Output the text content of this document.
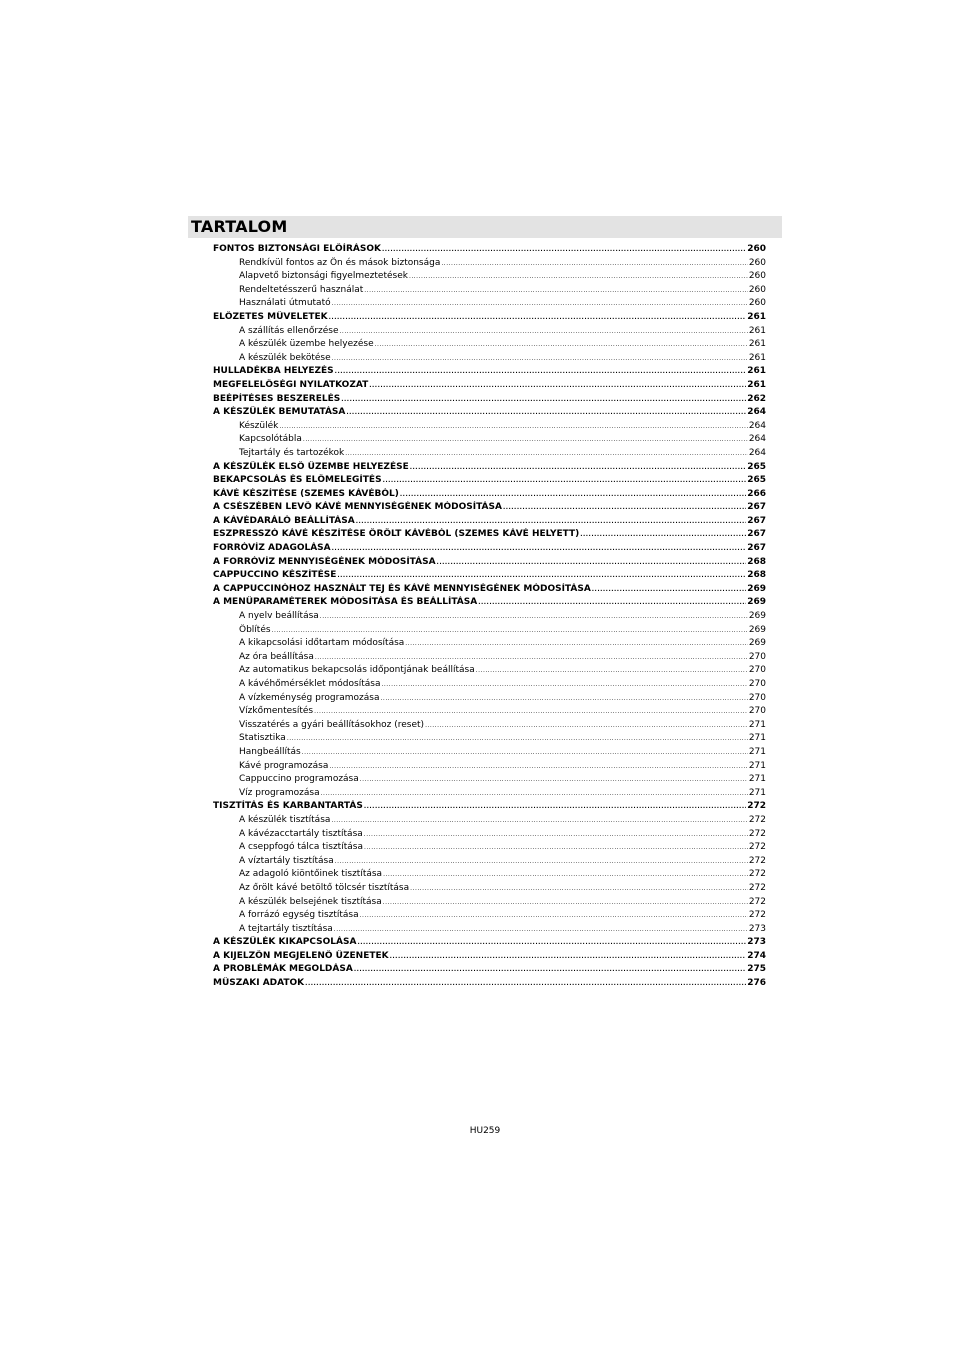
TARTALOM
FONTOS BIZTONSÁGI ELŐÍRÁSOK .....	260
Rendkívül fontos az Ön és mások biztonsága .....	260
Alapvető biztonsági figyelmeztetések .....	260
Rendeltetésszerű használat .....	260
Használati útmutató .....	260
ELŐZETES MŰVELETEK .....	261
A szállítás ellenőrzése .....	261
A készülék üzembe helyezése .....	261
A készülék bekötése .....	261
HULLADÉKBA HELYEZÉS .....	261
MEGFELELŐSÉGI NYILATKOZAT .....	261
BEÉPÍTÉSES BESZERELÉS .....	262
A KÉSZÜLÉK BEMUTATÁSA .....	264
Készülék .....	264
Kapcsolótábla .....	264
Tejtartály és tartozékok .....	264
A KÉSZÜLÉK ELSŐ ÜZEMBE HELYEZÉSE .....	265
BEKAPCSOLÁS ÉS ELŐMELEGÍTÉS .....	265
KÁVÉ KÉSZÍTÉSE (SZEMES KÁVÉBÓL) .....	266
A CSÉSZÉBEN LEVŐ KÁVÉ MENNYISÉGÉNEK MÓDOSÍTÁSA .....	267
A KÁVÉDARÁLÓ BEÁLLÍTÁSA .....	267
ESZPRESSZÓ KÁVÉ KÉSZÍTÉSE ŐRÖLT KÁVÉBÓL (SZEMES KÁVÉ HELYETT) .....	267
FORRÓVÍZ ADAGOLÁSA .....	267
A FORRÓVÍZ MENNYISÉGÉNEK MÓDOSÍTÁSA .....	268
CAPPUCCINO KÉSZÍTÉSE .....	268
A CAPPUCCINÓHOZ HASZNÁLT TEJ ÉS KÁVÉ MENNYISÉGÉNEK MÓDOSÍTÁSA .....	269
A MENÜPARAMÉTEREK MÓDOSÍTÁSA ÉS BEÁLLÍTÁSA .....	269
A nyelv beállítása .....	269
Öblítés .....	269
A kikapcsolási időtartam módosítása .....	269
Az óra beállítása .....	270
Az automatikus bekapcsolás időpontjának beállítása .....	270
A kávéhőmérséklet módosítása .....	270
A vízkeménység programozása .....	270
Vízkőmentesítés .....	270
Visszatérés a gyári beállításokhoz (reset) .....	271
Statisztika .....	271
Hangbeállítás .....	271
Kávé programozása .....	271
Cappuccino programozása .....	271
Víz programozása .....	271
TISZTÍTÁS ÉS KARBANTARTÁS .....	272
A készülék tisztítása .....	272
A kávézacctartály tisztítása .....	272
A cseppfogó tálca tisztítása .....	272
A víztartály tisztítása .....	272
Az adagoló kiöntőinek tisztítása .....	272
Az őrölt kávé betöltő tölcsér tisztítása .....	272
A készülék belsejének tisztítása .....	272
A forrázó egység tisztítása .....	272
A tejtartály tisztítása .....	273
A KÉSZÜLÉK KIKAPCSOLÁSA .....	273
A KIJELZŐN MEGJELENŐ ÜZENETEK .....	274
A PROBLÉMÁK MEGOLDÁSA .....	275
MŰSZAKI ADATOK .....	276
HU259
